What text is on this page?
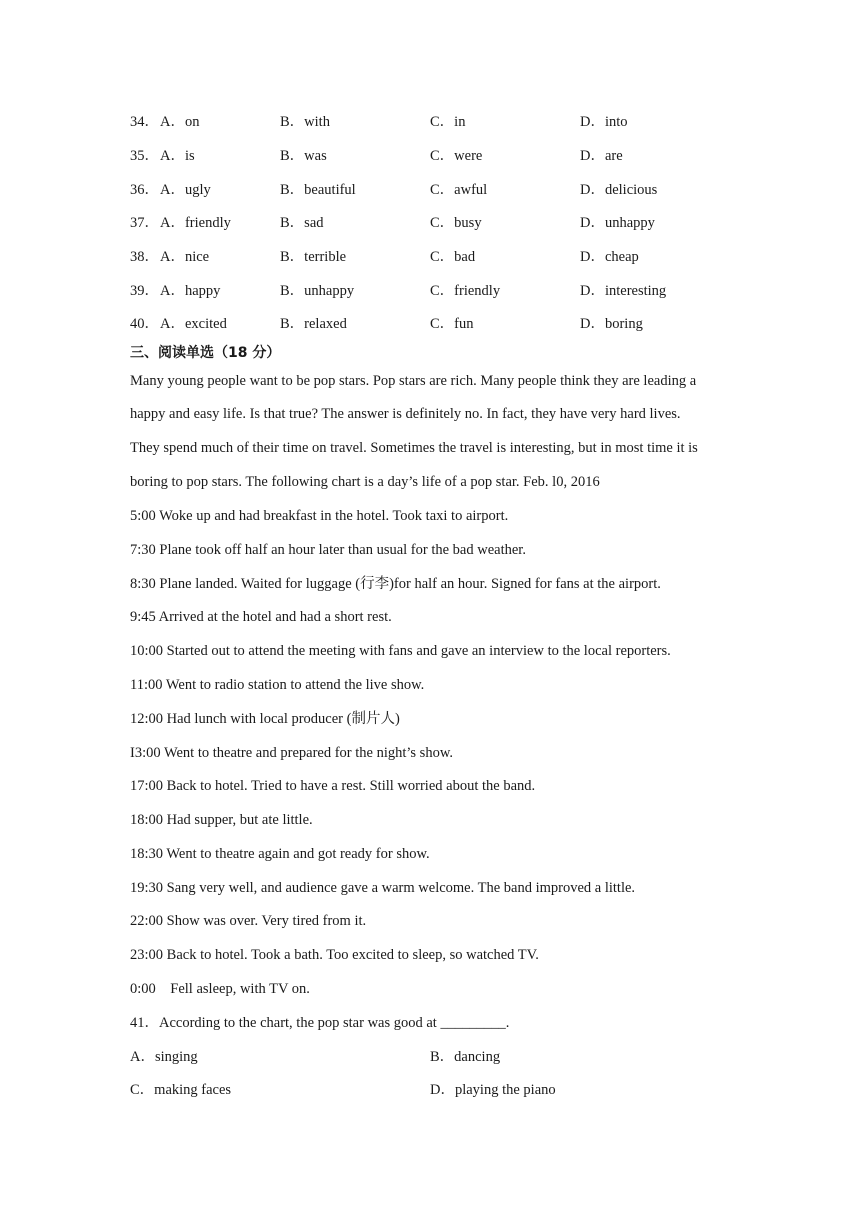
34． A．on	B．with	C．in	D．into
35． A．is	B．was	C．were	D．are
36． A．ugly	B．beautiful	C．awful	D．delicious
37． A．friendly	B．sad	C．busy	D．unhappy
38． A．nice	B．terrible	C．bad	D．cheap
39． A．happy	B．unhappy	C．friendly	D．interesting
40． A．excited	B．relaxed	C．fun	D．boring
三、阅读单选（18 分）
Many young people want to be pop stars. Pop stars are rich. Many people think they are leading a
happy and easy life. Is that true? The answer is definitely no. In fact, they have very hard lives.
They spend much of their time on travel. Sometimes the travel is interesting, but in most time it is
boring to pop stars. The following chart is a day’s life of a pop star. Feb. l0, 2016
5:00 Woke up and had breakfast in the hotel. Took taxi to airport.
7:30 Plane took off half an hour later than usual for the bad weather.
8:30 Plane landed. Waited for luggage (行李)for half an hour. Signed for fans at the airport.
9:45 Arrived at the hotel and had a short rest.
10:00 Started out to attend the meeting with fans and gave an interview to the local reporters.
11:00 Went to radio station to attend the live show.
12:00 Had lunch with local producer (制片人)
I3:00 Went to theatre and prepared for the night’s show.
17:00 Back to hotel. Tried to have a rest. Still worried about the band.
18:00 Had supper, but ate little.
18:30 Went to theatre again and got ready for show.
19:30 Sang very well, and audience gave a warm welcome. The band improved a little.
22:00 Show was over. Very tired from it.
23:00 Back to hotel. Took a bath. Too excited to sleep, so watched TV.
0:00    Fell asleep, with TV on.
41．According to the chart, the pop star was good at _________.
A．singing	B．dancing
C．making faces	D．playing the piano
